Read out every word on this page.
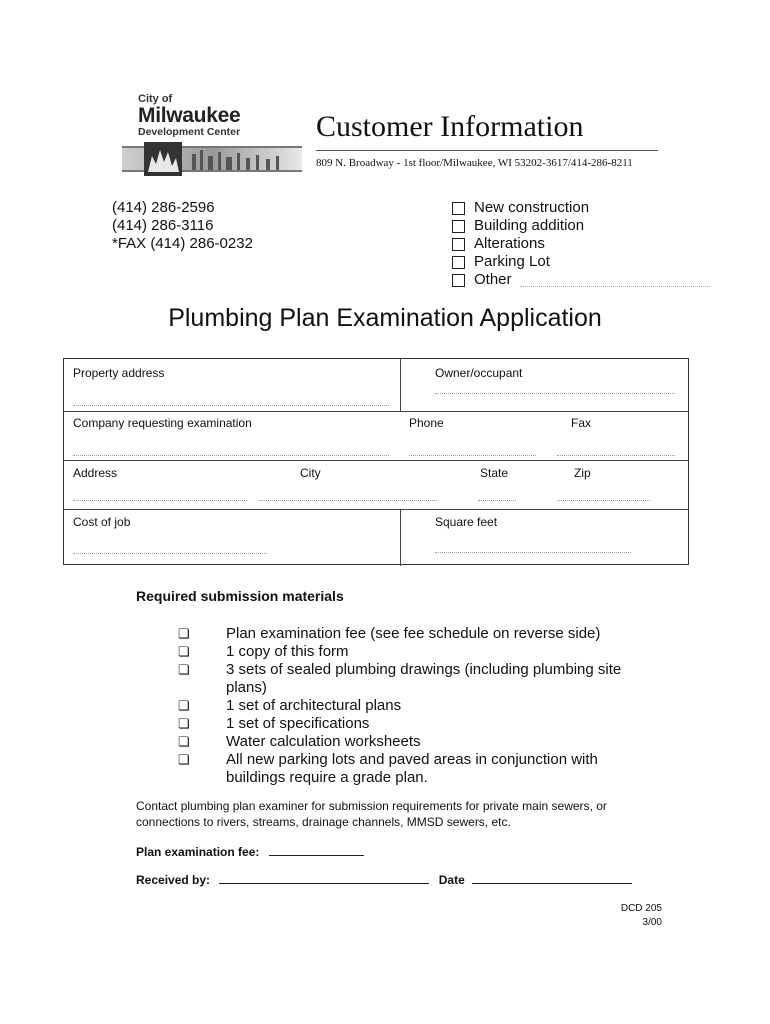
City of
Milwaukee
Development Center	Customer Information
809 N. Broadway - 1st floor/Milwaukee, WI 53202-3617/414-286-8211
(414) 286-2596
(414) 286-3116
*FAX (414) 286-0232
New construction
Building addition
Alterations
Parking Lot
Other
Plumbing Plan Examination Application
Property address	Owner/occupant
Company requesting examination	Phone	Fax
Address	City	State	Zip
Cost of job	Square feet
Required submission materials
❏	Plan examination fee (see fee schedule on reverse side)
❏	1 copy of this form
❏	3 sets of sealed plumbing drawings (including plumbing site plans)
❏	1 set of architectural plans
❏	1 set of specifications
❏	Water calculation worksheets
❏	All new parking lots and paved areas in conjunction with buildings require a grade plan.
Contact plumbing plan examiner for submission requirements for private main sewers, or connections to rivers, streams, drainage channels, MMSD sewers, etc.
Plan examination fee:
Received by:	Date
DCD 205
3/00
